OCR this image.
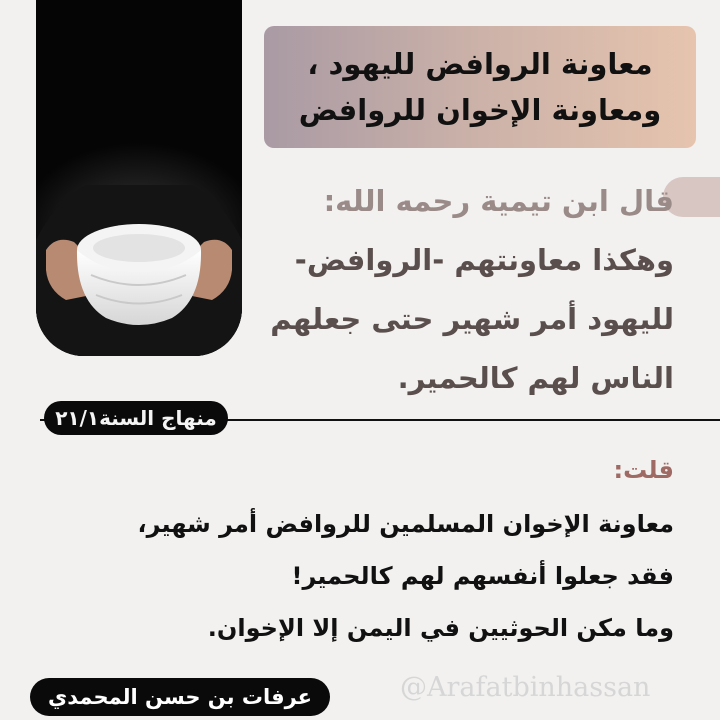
معاونة الروافض لليهود ،
ومعاونة الإخوان للروافض
قال ابن تيمية رحمه الله:
وهكذا معاونتهم -الروافض-
لليهود أمر شهير حتى جعلهم
الناس لهم كالحمير.
منهاج السنة٢١/١
قلت:
معاونة الإخوان المسلمين للروافض أمر شهير،
فقد جعلوا أنفسهم لهم كالحمير!
وما مكن الحوثيين في اليمن إلا الإخوان.
عرفات بن حسن المحمدي	@Arafatbinhassan
